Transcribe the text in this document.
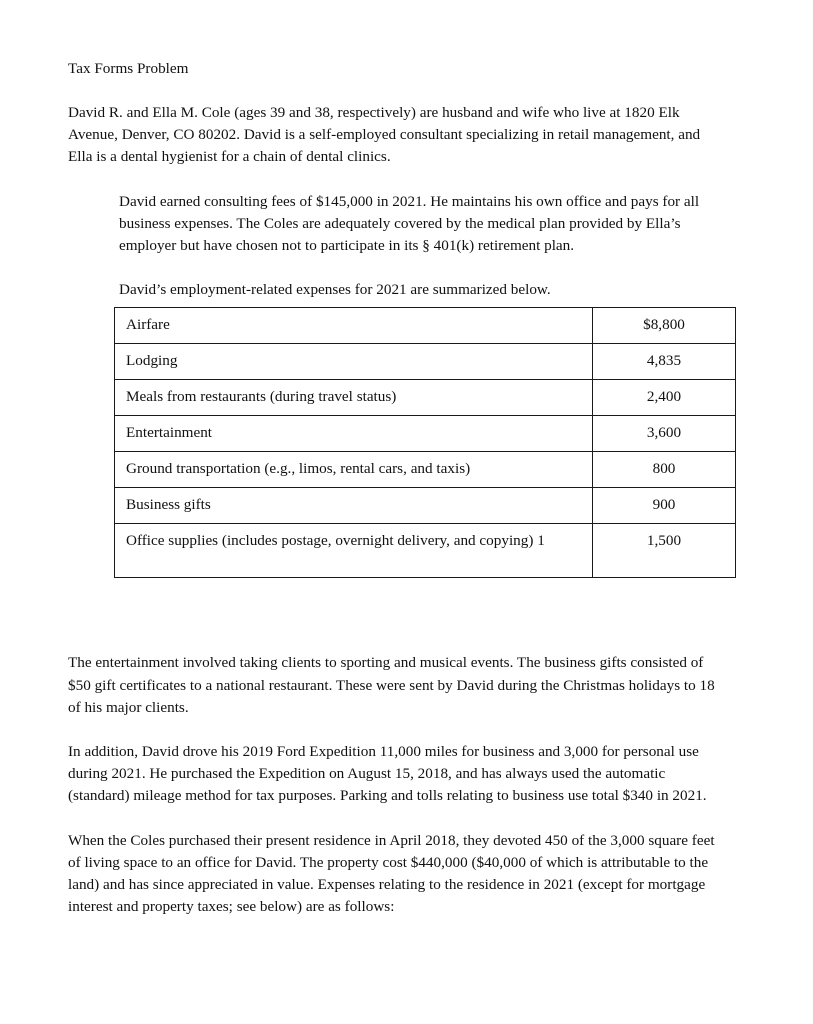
Tax Forms Problem

David R. and Ella M. Cole (ages 39 and 38, respectively) are husband and wife who live at 1820 Elk Avenue, Denver, CO 80202. David is a self-employed consultant specializing in retail management, and Ella is a dental hygienist for a chain of dental clinics.

David earned consulting fees of $145,000 in 2021. He maintains his own office and pays for all business expenses. The Coles are adequately covered by the medical plan provided by Ella’s employer but have chosen not to participate in its § 401(k) retirement plan.

David’s employment-related expenses for 2021 are summarized below.

Airfare	$8,800
Lodging	4,835
Meals from restaurants (during travel status)	2,400
Entertainment	3,600
Ground transportation (e.g., limos, rental cars, and taxis)	800
Business gifts	900
Office supplies (includes postage, overnight delivery, and copying) 1	1,500

The entertainment involved taking clients to sporting and musical events. The business gifts consisted of $50 gift certificates to a national restaurant. These were sent by David during the Christmas holidays to 18 of his major clients.

In addition, David drove his 2019 Ford Expedition 11,000 miles for business and 3,000 for personal use during 2021. He purchased the Expedition on August 15, 2018, and has always used the automatic (standard) mileage method for tax purposes. Parking and tolls relating to business use total $340 in 2021.

When the Coles purchased their present residence in April 2018, they devoted 450 of the 3,000 square feet of living space to an office for David. The property cost $440,000 ($40,000 of which is attributable to the land) and has since appreciated in value. Expenses relating to the residence in 2021 (except for mortgage interest and property taxes; see below) are as follows:
